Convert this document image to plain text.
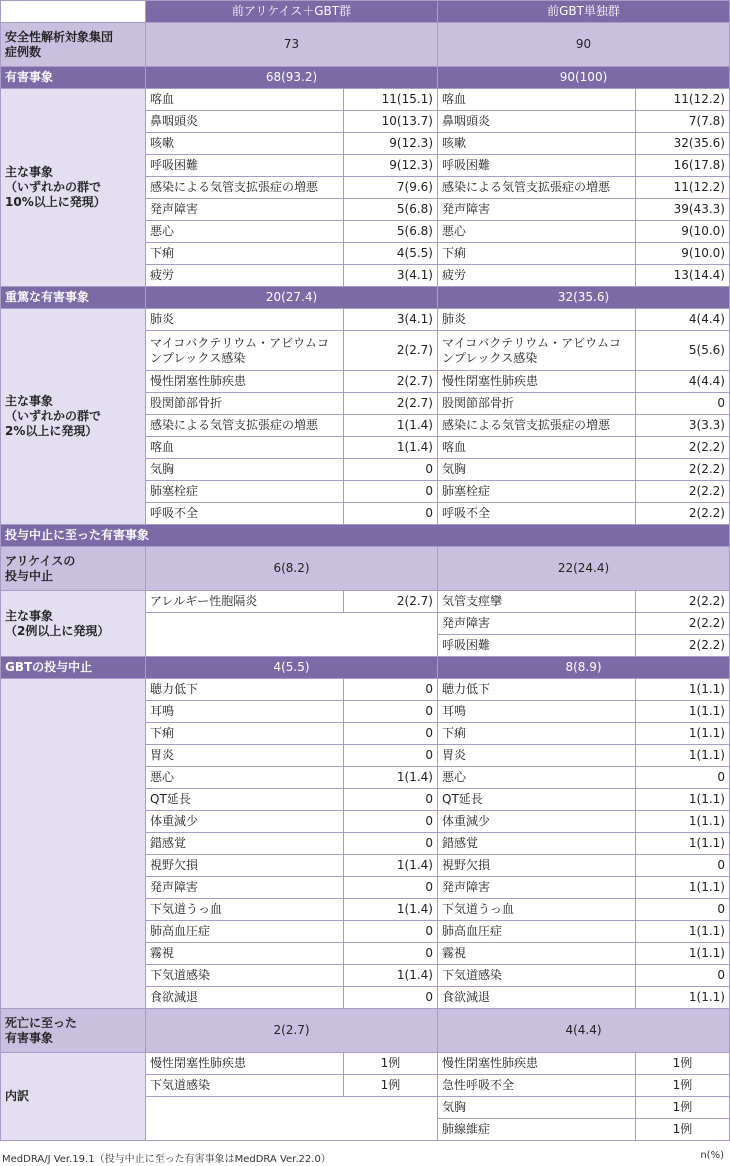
	前アリケイス＋GBT群		前GBT単独群	
安全性解析対象集団
症例数	73		90	
有害事象	68(93.2)		90(100)	
主な事象
（いずれかの群で
10%以上に発現）	喀血	11(15.1)	喀血	11(12.2)
	鼻咽頭炎	10(13.7)	鼻咽頭炎	7(7.8)
	咳嗽	9(12.3)	咳嗽	32(35.6)
	呼吸困難	9(12.3)	呼吸困難	16(17.8)
	感染による気管支拡張症の増悪	7(9.6)	感染による気管支拡張症の増悪	11(12.2)
	発声障害	5(6.8)	発声障害	39(43.3)
	悪心	5(6.8)	悪心	9(10.0)
	下痢	4(5.5)	下痢	9(10.0)
	疲労	3(4.1)	疲労	13(14.4)
重篤な有害事象	20(27.4)		32(35.6)	
主な事象
（いずれかの群で
2%以上に発現）	肺炎	3(4.1)	肺炎	4(4.4)
	マイコバクテリウム・アビウムコンプレックス感染	2(2.7)	マイコバクテリウム・アビウムコンプレックス感染	5(5.6)
	慢性閉塞性肺疾患	2(2.7)	慢性閉塞性肺疾患	4(4.4)
	股関節部骨折	2(2.7)	股関節部骨折	0
	感染による気管支拡張症の増悪	1(1.4)	感染による気管支拡張症の増悪	3(3.3)
	喀血	1(1.4)	喀血	2(2.2)
	気胸	0	気胸	2(2.2)
	肺塞栓症	0	肺塞栓症	2(2.2)
	呼吸不全	0	呼吸不全	2(2.2)
投与中止に至った有害事象				
アリケイスの
投与中止	6(8.2)		22(24.4)	
主な事象
（2例以上に発現）	アレルギー性胞隔炎	2(2.7)	気管支痙攣	2(2.2)
			発声障害	2(2.2)
			呼吸困難	2(2.2)
GBTの投与中止	4(5.5)		8(8.9)	
	聴力低下	0	聴力低下	1(1.1)
	耳鳴	0	耳鳴	1(1.1)
	下痢	0	下痢	1(1.1)
	胃炎	0	胃炎	1(1.1)
	悪心	1(1.4)	悪心	0
	QT延長	0	QT延長	1(1.1)
	体重減少	0	体重減少	1(1.1)
	錯感覚	0	錯感覚	1(1.1)
	視野欠損	1(1.4)	視野欠損	0
	発声障害	0	発声障害	1(1.1)
	下気道うっ血	1(1.4)	下気道うっ血	0
	肺高血圧症	0	肺高血圧症	1(1.1)
	霧視	0	霧視	1(1.1)
	下気道感染	1(1.4)	下気道感染	0
	食欲減退	0	食欲減退	1(1.1)
死亡に至った
有害事象	2(2.7)		4(4.4)	
内訳	慢性閉塞性肺疾患	1例	慢性閉塞性肺疾患	1例
	下気道感染	1例	急性呼吸不全	1例
			気胸	1例
			肺線維症	1例
MedDRA/J Ver.19.1（投与中止に至った有害事象はMedDRA Ver.22.0）	n(%)
